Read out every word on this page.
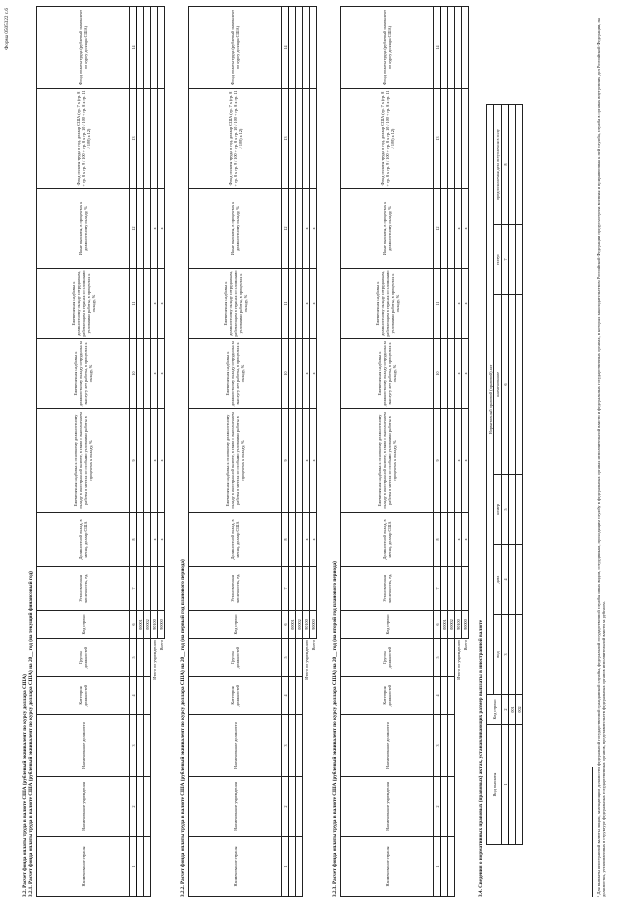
Форма 0505322 с.6
3.2. Расчет фонда оплаты труда в валюте США (рублевый эквивалент по курсу доллара США) 3.2.1. Расчет фонда оплаты труда в валюте США (рублевый эквивалент по курсу доллара США) на 20__ год (на текущий финансовый год)	Наименование страны	Наименование учреждения	Наименование должности	Категория должностей	Группа должностей	Код строки	Установленная численность, ед.	Должностной оклад, в месяц, доллар США	Ежемесячная надбавка к основному должностному окладу в иностранной валюте, в связи с выполнением работы в местах со особыми условиями работы в процентах к окладу, %	Ежемесячная надбавка к должностному окладу сотрудника за выслугу лет работы, в процентах к окладу, %	Ежемесячная надбавка к должностному окладу сотрудникам, работающим в странах со сложными условиями работы, в процентах к окладу, %	Иные выплаты, в процентах к должностному окладу, %	Фонд оплаты труда в год, доллар США (гр. 7 x (гр. 8 + гр. 8 x гр. 9 / 100 + гр. 8 x гр. 10 / 100 + гр. 8 x гр. 11 / 100) x 12)	Фонд оплаты труда (рублевый эквивалент по курсу доллара США)
1	2	3	4	5	6	7	8	9	10	11	12	13	14
					00001								
					00002								
			Итого по учреждению		90100		x	x	x	x	x		
				Всего	90000		x	x	x	x	x		
3.2.2. Расчет фонда оплаты труда в валюте США (рублевый эквивалент по курсу доллара США) на 20__ год (на первый год планового периода)	Наименование страны	Наименование учреждения	Наименование должности	Категория должностей	Группа должностей	Код строки	Установленная численность, ед.	Должностной оклад, в месяц, доллар США	Ежемесячная надбавка к основному должностному окладу в иностранной валюте, в связи с выполнением работы в местах со особыми условиями работы в процентах к окладу, %	Ежемесячная надбавка к должностному окладу сотрудника за выслугу лет работы, в процентах к окладу, %	Ежемесячная надбавка к должностному окладу сотрудникам, работающим в странах со сложными условиями работы, в процентах к окладу, %	Иные выплаты, в процентах к должностному окладу, %	Фонд оплаты труда в год, доллар США (гр. 7 x (гр. 8 + гр. 8 x гр. 9 / 100 + гр. 8 x гр. 10 / 100 + гр. 8 x гр. 11 / 100) x 12)	Фонд оплаты труда (рублевый эквивалент по курсу доллара США)
1	2	3	4	5	6	7	8	9	10	11	12	13	14
					00001								
					00002								
			Итого по учреждению		90100		x	x	x	x	x		
				Всего	90000		x	x	x	x	x		
3.2.3. Расчет фонда оплаты труда в валюте США (рублевый эквивалент по курсу доллара США) на 20__ год (на второй год планового периода)	Наименование страны	Наименование учреждения	Наименование должности	Категория должностей	Группа должностей	Код строки	Установленная численность, ед.	Должностной оклад, в месяц, доллар США	Ежемесячная надбавка к основному должностному окладу в иностранной валюте, в связи с выполнением работы в местах со особыми условиями работы в процентах к окладу, %	Ежемесячная надбавка к должностному окладу сотрудника за выслугу лет работы, в процентах к окладу, %	Ежемесячная надбавка к должностному окладу сотрудникам, работающим в странах со сложными условиями работы, в процентах к окладу, %	Иные выплаты, в процентах к должностному окладу, %	Фонд оплаты труда в год, доллар США (гр. 7 x (гр. 8 + гр. 8 x гр. 9 / 100 + гр. 8 x гр. 10 / 100 + гр. 8 x гр. 11 / 100) x 12)	Фонд оплаты труда (рублевый эквивалент по курсу доллара США)
1	2	3	4	5	6	7	8	9	10	11	12	13	14
					00001								
					00002								
			Итого по учреждению		90100		x	x	x	x	x		
				Всего	90000		x	x	x	x	x		
3.4. Сведения о нормативных правовых (правовых) актах, устанавливающих размер выплаты в иностранной валюте Вид выплаты	Код строки	Нормативный правовой (правовой) акт					
		вид	дата	номер	наименование	статус	предполагаемая дата вступления в силу
1	2	3	4	5	6	7	8
	001						
	002							¹ Для выплаты иностранной валюты лицам, замещающим должности федеральной государственной гражданской службы, федеральной государственной службы иных видов, сотрудникам, проходящим службу в федеральных органах исполнительной власти и федеральных государственных органах, в которых законодательством Российской Федерации предусмотрена военная и приравненная к ней служба, служба в органах внутренних дел Российской Федерации, на должностях, установленных в структуре федеральных государственных органов, представительств федеральных органов исполнительной власти за рубежом.
